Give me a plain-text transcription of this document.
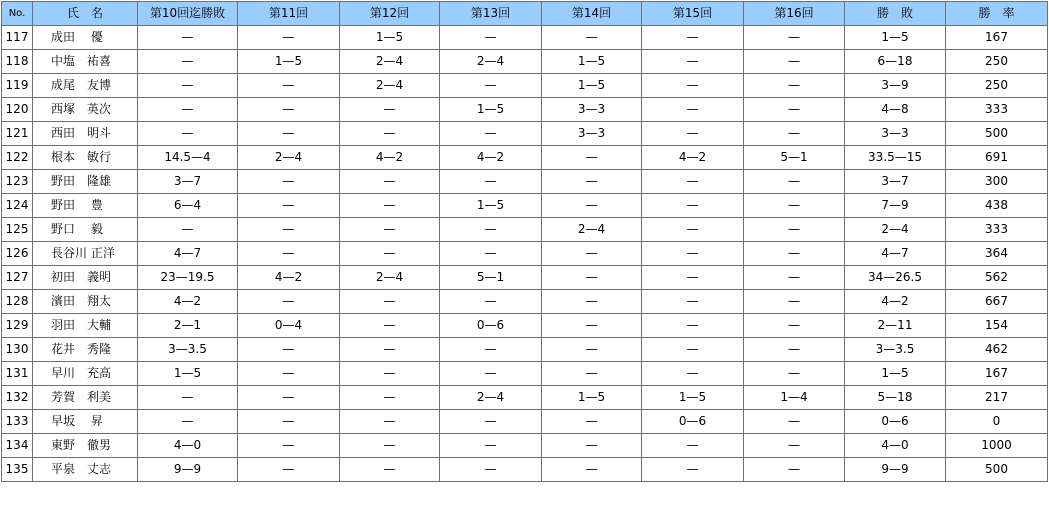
No.	氏　名	第10回迄勝敗	第11回	第12回	第13回	第14回	第15回	第16回	勝　敗	勝　率
117	成田　 優	—	—	1—5	—	—	—	—	1—5	167
118	中塩　祐喜	—	1—5	2—4	2—4	1—5	—	—	6—18	250
119	成尾　友博	—	—	2—4	—	1—5	—	—	3—9	250
120	西塚　英次	—	—	—	1—5	3—3	—	—	4—8	333
121	西田　明斗	—	—	—	—	3—3	—	—	3—3	500
122	根本　敏行	14.5—4	2—4	4—2	4—2	—	4—2	5—1	33.5—15	691
123	野田　隆雄	3—7	—	—	—	—	—	—	3—7	300
124	野田　 豊	6—4	—	—	1—5	—	—	—	7—9	438
125	野口　 毅	—	—	—	—	2—4	—	—	2—4	333
126	長谷川 正洋	4—7	—	—	—	—	—	—	4—7	364
127	初田　義明	23—19.5	4—2	2—4	5—1	—	—	—	34—26.5	562
128	濱田　翔太	4—2	—	—	—	—	—	—	4—2	667
129	羽田　大輔	2—1	0—4	—	0—6	—	—	—	2—11	154
130	花井　秀隆	3—3.5	—	—	—	—	—	—	3—3.5	462
131	早川　充高	1—5	—	—	—	—	—	—	1—5	167
132	芳賀　利美	—	—	—	2—4	1—5	1—5	1—4	5—18	217
133	早坂　 昇	—	—	—	—	—	0—6	—	0—6	0
134	東野　徹男	4—0	—	—	—	—	—	—	4—0	1000
135	平泉　丈志	9—9	—	—	—	—	—	—	9—9	500
